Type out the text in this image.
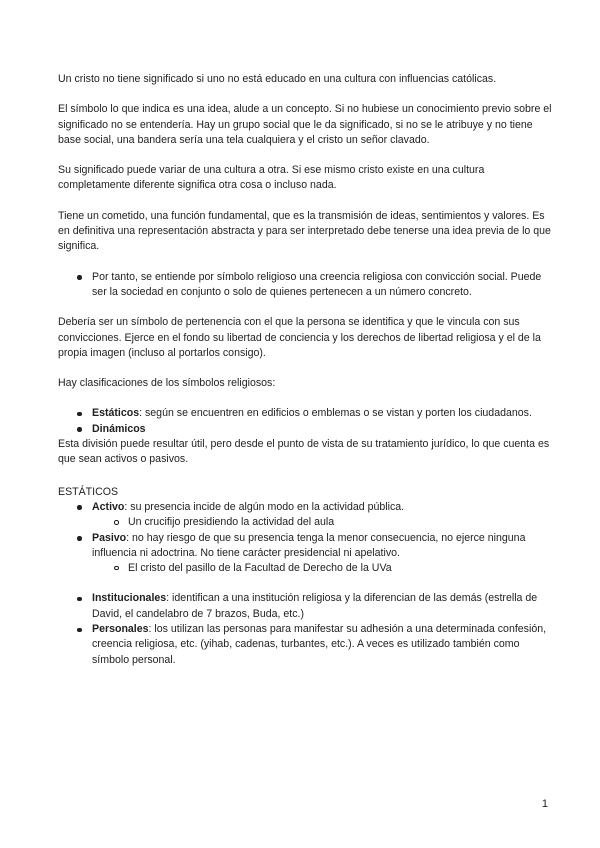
Un cristo no tiene significado si uno no está educado en una cultura con influencias católicas.

El símbolo lo que indica es una idea, alude a un concepto. Si no hubiese un conocimiento previo sobre el significado no se entendería. Hay un grupo social que le da significado, si no se le atribuye y no tiene base social, una bandera sería una tela cualquiera y el cristo un señor clavado.

Su significado puede variar de una cultura a otra. Si ese mismo cristo existe en una cultura completamente diferente significa otra cosa o incluso nada.

Tiene un cometido, una función fundamental, que es la transmisión de ideas, sentimientos y valores. Es en definitiva una representación abstracta y para ser interpretado debe tenerse una idea previa de lo que significa.

Por tanto, se entiende por símbolo religioso una creencia religiosa con convicción social. Puede ser la sociedad en conjunto o solo de quienes pertenecen a un número concreto.

Debería ser un símbolo de pertenencia con el que la persona se identifica y que le vincula con sus convicciones. Ejerce en el fondo su libertad de conciencia y los derechos de libertad religiosa y el de la propia imagen (incluso al portarlos consigo).

Hay clasificaciones de los símbolos religiosos:

Estáticos: según se encuentren en edificios o emblemas o se vistan y porten los ciudadanos.
Dinámicos

Esta división puede resultar útil, pero desde el punto de vista de su tratamiento jurídico, lo que cuenta es que sean activos o pasivos.

ESTÁTICOS

Activo: su presencia incide de algún modo en la actividad pública.
Un crucifijo presidiendo la actividad del aula
Pasivo: no hay riesgo de que su presencia tenga la menor consecuencia, no ejerce ninguna influencia ni adoctrina. No tiene carácter presidencial ni apelativo.
El cristo del pasillo de la Facultad de Derecho de la UVa
Institucionales: identifican a una institución religiosa y la diferencian de las demás (estrella de David, el candelabro de 7 brazos, Buda, etc.)
Personales: los utilizan las personas para manifestar su adhesión a una determinada confesión, creencia religiosa, etc. (yihab, cadenas, turbantes, etc.). A veces es utilizado también como símbolo personal.
1
